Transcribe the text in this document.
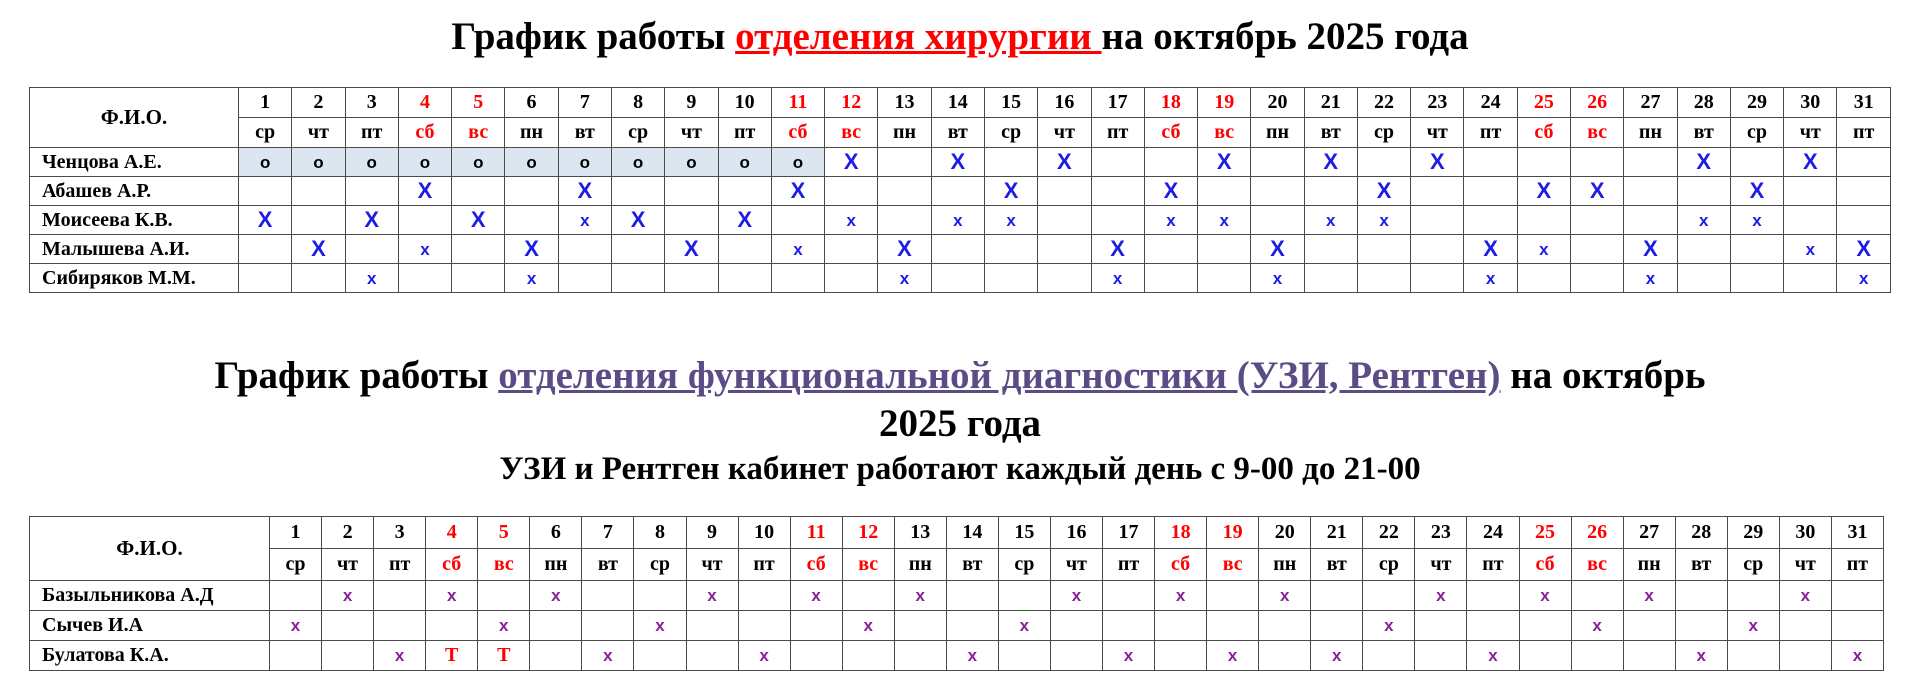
График работы отделения хирургии на октябрь 2025 года
Ф.И.О.	1	2	3	4	5	6	7	8	9	10	11	12	13	14	15	16	17	18	19	20	21	22	23	24	25	26	27	28	29	30	31
	ср	чт	пт	сб	вс	пн	вт	ср	чт	пт	сб	вс	пн	вт	ср	чт	пт	сб	вс	пн	вт	ср	чт	пт	сб	вс	пн	вт	ср	чт	пт
Ченцова А.Е.	o	o	o	o	o	o	o	o	o	o	o	X		X		X			X		X		X					X		X	
Абашев А.Р.				X			X				X				X			X				X			X	X			X		
Моисеева К.В.	X		X		X		x	X		X		x		x	x			x	x		x	x						x	x		
Малышева А.И.		X		x		X			X		x		X				X			X				X	x		X			x	X
Сибиряков М.М.			x			x							x				x			x				x			x				x
График работы отделения функциональной диагностики (УЗИ, Рентген) на октябрь
2025 года
УЗИ и Рентген кабинет работают каждый день с 9-00 до 21-00
Ф.И.О.	1	2	3	4	5	6	7	8	9	10	11	12	13	14	15	16	17	18	19	20	21	22	23	24	25	26	27	28	29	30	31
	ср	чт	пт	сб	вс	пн	вт	ср	чт	пт	сб	вс	пн	вт	ср	чт	пт	сб	вс	пн	вт	ср	чт	пт	сб	вс	пн	вт	ср	чт	пт
Базыльникова А.Д		x		x		x			x		x		x			x		x		x			x		x		x			x	
Сычев И.А	x				x			x				x			x							x				x			x		
Булатова К.А.			x	T	T		x			x				x			x		x		x			x				x			x
